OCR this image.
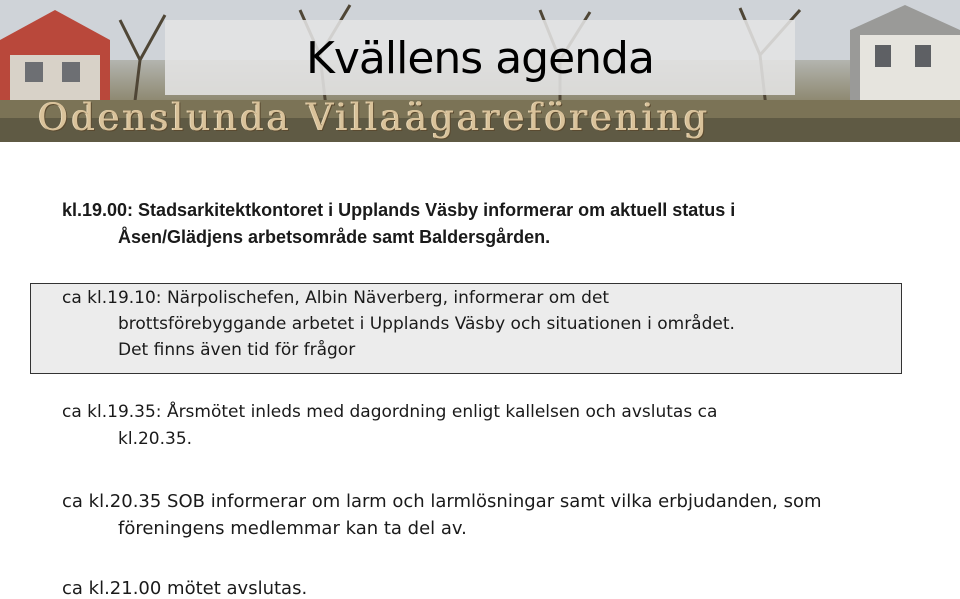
Kvällens agenda
Odenslunda Villaägareförening
kl.19.00: Stadsarkitektkontoret i Upplands Väsby informerar om aktuell status i
Åsen/Glädjens arbetsområde samt Baldersgården.
ca kl.19.10: Närpolischefen, Albin Näverberg, informerar om det
brottsförebyggande arbetet i Upplands Väsby och situationen i området.
Det finns även tid för frågor
ca kl.19.35: Årsmötet inleds med dagordning enligt kallelsen och avslutas ca
kl.20.35.
ca kl.20.35 SOB informerar om larm och larmlösningar samt vilka erbjudanden, som
föreningens medlemmar kan ta del av.
ca kl.21.00 mötet avslutas.
